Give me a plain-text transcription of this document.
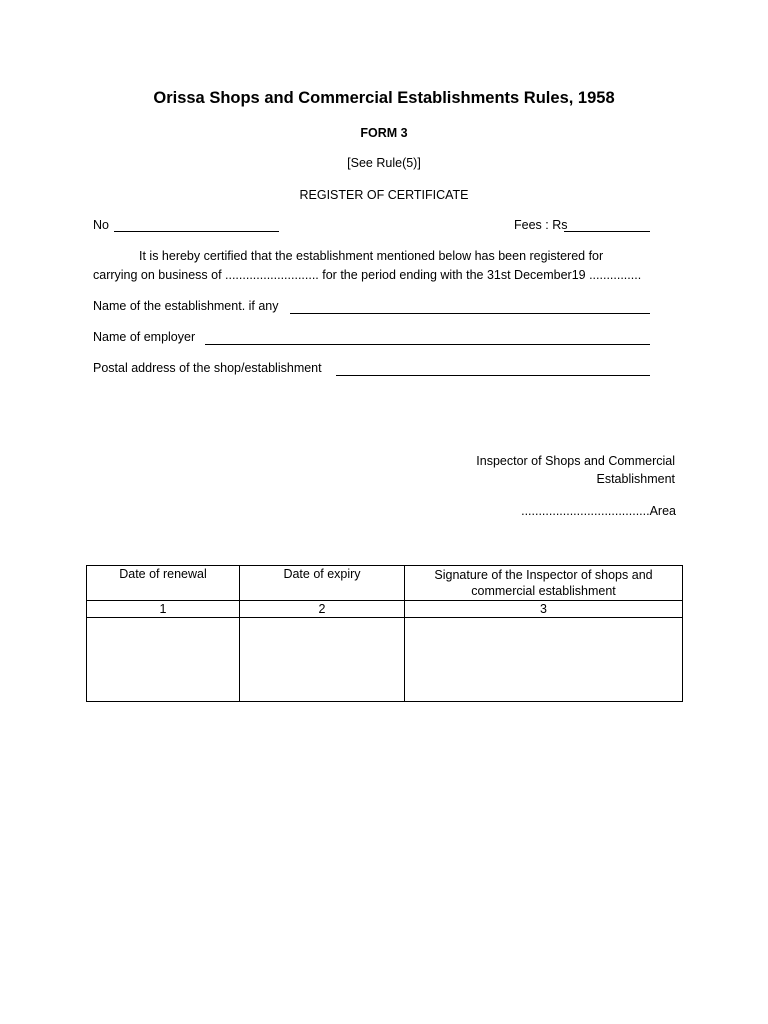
Orissa Shops and Commercial Establishments Rules, 1958
FORM 3
[See Rule(5)]
REGISTER OF CERTIFICATE
No	Fees : Rs
It is hereby certified that the establishment mentioned below has been registered for
carrying on business of ........................... for the period ending with the 31st December19 ...............
Name of the establishment. if any
Name of employer
Postal address of the shop/establishment
Inspector of Shops and Commercial
Establishment
.....................................Area
Date of renewal	Date of expiry	Signature of the Inspector of shops and commercial establishment
1	2	3
